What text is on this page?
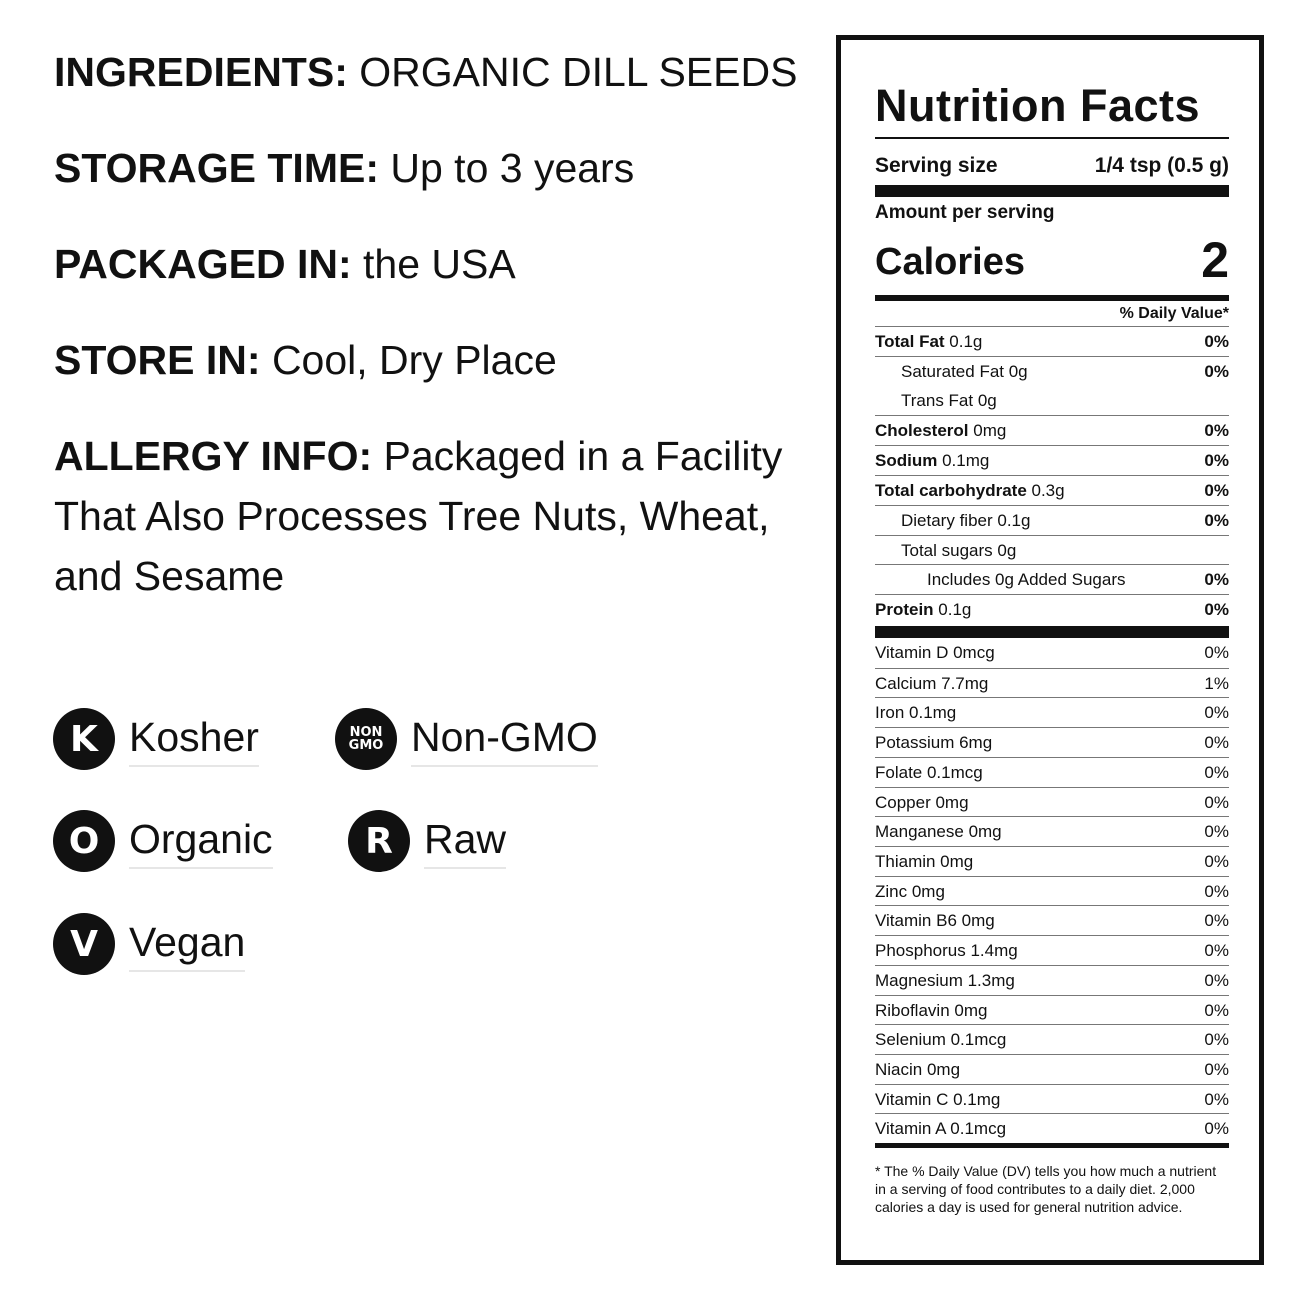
INGREDIENTS: ORGANIC DILL SEEDS
STORAGE TIME: Up to 3 years
PACKAGED IN: the USA
STORE IN: Cool, Dry Place
ALLERGY INFO: Packaged in a Facility That Also Processes Tree Nuts, Wheat, and Sesame
K Kosher	NON
GMO Non-GMO
O Organic	R Raw
V Vegan
Nutrition Facts
Serving size	1/4 tsp (0.5 g)
Amount per serving
Calories	2
% Daily Value*
Total Fat 0.1g	0%
Saturated Fat 0g	0%
Trans Fat 0g
Cholesterol 0mg	0%
Sodium 0.1mg	0%
Total carbohydrate 0.3g	0%
Dietary fiber 0.1g	0%
Total sugars 0g
Includes 0g Added Sugars	0%
Protein 0.1g	0%
Vitamin D 0mcg	0%
Calcium 7.7mg	1%
Iron 0.1mg	0%
Potassium 6mg	0%
Folate 0.1mcg	0%
Copper 0mg	0%
Manganese 0mg	0%
Thiamin 0mg	0%
Zinc 0mg	0%
Vitamin B6 0mg	0%
Phosphorus 1.4mg	0%
Magnesium 1.3mg	0%
Riboflavin 0mg	0%
Selenium 0.1mcg	0%
Niacin 0mg	0%
Vitamin C 0.1mg	0%
Vitamin A 0.1mcg	0%
* The % Daily Value (DV) tells you how much a nutrient in a serving of food contributes to a daily diet. 2,000 calories a day is used for general nutrition advice.
